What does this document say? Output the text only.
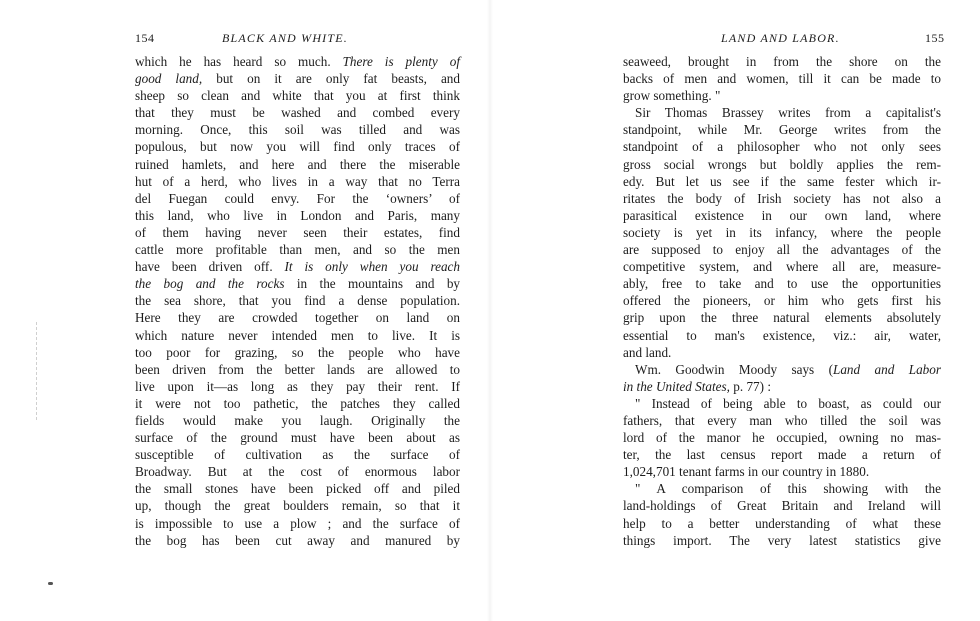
154	BLACK AND WHITE.
which he has heard so much. There is plenty of
good land, but on it are only fat beasts, and
sheep so clean and white that you at first think
that they must be washed and combed every
morning. Once, this soil was tilled and was
populous, but now you will find only traces of
ruined hamlets, and here and there the miserable
hut of a herd, who lives in a way that no Terra
del Fuegan could envy. For the ‘owners’ of
this land, who live in London and Paris, many
of them having never seen their estates, find
cattle more profitable than men, and so the men
have been driven off. It is only when you reach
the bog and the rocks in the mountains and by
the sea shore, that you find a dense population.
Here they are crowded together on land on
which nature never intended men to live. It is
too poor for grazing, so the people who have
been driven from the better lands are allowed to
live upon it—as long as they pay their rent. If
it were not too pathetic, the patches they called
fields would make you laugh. Originally the
surface of the ground must have been about as
susceptible of cultivation as the surface of
Broadway. But at the cost of enormous labor
the small stones have been picked off and piled
up, though the great boulders remain, so that it
is impossible to use a plow ; and the surface of
the bog has been cut away and manured by
LAND AND LABOR.	155
seaweed, brought in from the shore on the
backs of men and women, till it can be made to
grow something. "
Sir Thomas Brassey writes from a capitalist's
standpoint, while Mr. George writes from the
standpoint of a philosopher who not only sees
gross social wrongs but boldly applies the rem-
edy. But let us see if the same fester which ir-
ritates the body of Irish society has not also a
parasitical existence in our own land, where
society is yet in its infancy, where the people
are supposed to enjoy all the advantages of the
competitive system, and where all are, measure-
ably, free to take and to use the opportunities
offered the pioneers, or him who gets first his
grip upon the three natural elements absolutely
essential to man's existence, viz.: air, water,
and land.
Wm. Goodwin Moody says (Land and Labor
in the United States, p. 77) :
" Instead of being able to boast, as could our
fathers, that every man who tilled the soil was
lord of the manor he occupied, owning no mas-
ter, the last census report made a return of
1,024,701 tenant farms in our country in 1880.
" A comparison of this showing with the
land-holdings of Great Britain and Ireland will
help to a better understanding of what these
things import. The very latest statistics give
